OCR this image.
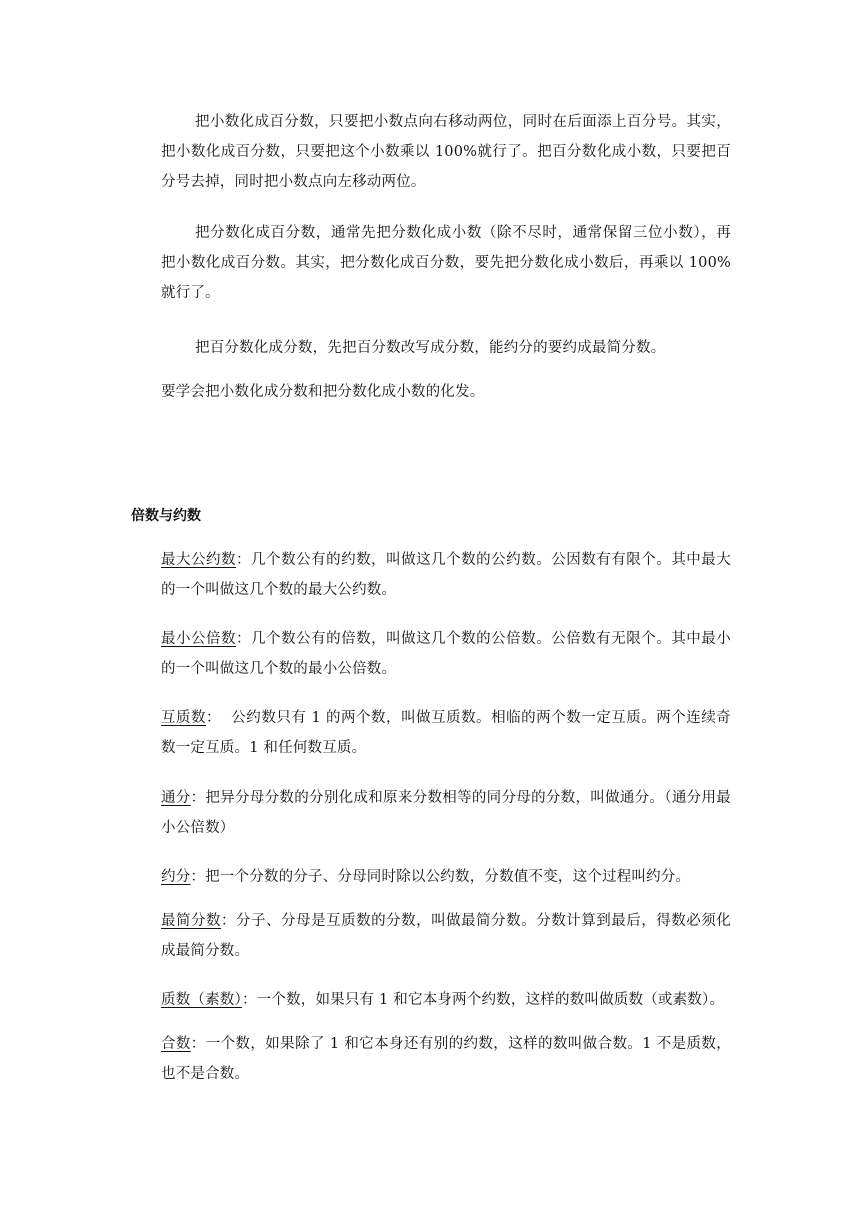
把小数化成百分数，只要把小数点向右移动两位，同时在后面添上百分号。其实，把小数化成百分数，只要把这个小数乘以 100%就行了。把百分数化成小数，只要把百分号去掉，同时把小数点向左移动两位。

把分数化成百分数，通常先把分数化成小数（除不尽时，通常保留三位小数），再把小数化成百分数。其实，把分数化成百分数，要先把分数化成小数后，再乘以 100%就行了。

把百分数化成分数，先把百分数改写成分数，能约分的要约成最简分数。

要学会把小数化成分数和把分数化成小数的化发。

倍数与约数

最大公约数：几个数公有的约数，叫做这几个数的公约数。公因数有有限个。其中最大的一个叫做这几个数的最大公约数。

最小公倍数：几个数公有的倍数，叫做这几个数的公倍数。公倍数有无限个。其中最小的一个叫做这几个数的最小公倍数。

互质数：  公约数只有 1 的两个数，叫做互质数。相临的两个数一定互质。两个连续奇数一定互质。1 和任何数互质。

通分：把异分母分数的分别化成和原来分数相等的同分母的分数，叫做通分。（通分用最小公倍数）

约分：把一个分数的分子、分母同时除以公约数，分数值不变，这个过程叫约分。

最简分数：分子、分母是互质数的分数，叫做最简分数。分数计算到最后，得数必须化成最简分数。

质数（素数）：一个数，如果只有 1 和它本身两个约数，这样的数叫做质数（或素数）。

合数：一个数，如果除了 1 和它本身还有别的约数，这样的数叫做合数。1 不是质数，也不是合数。
